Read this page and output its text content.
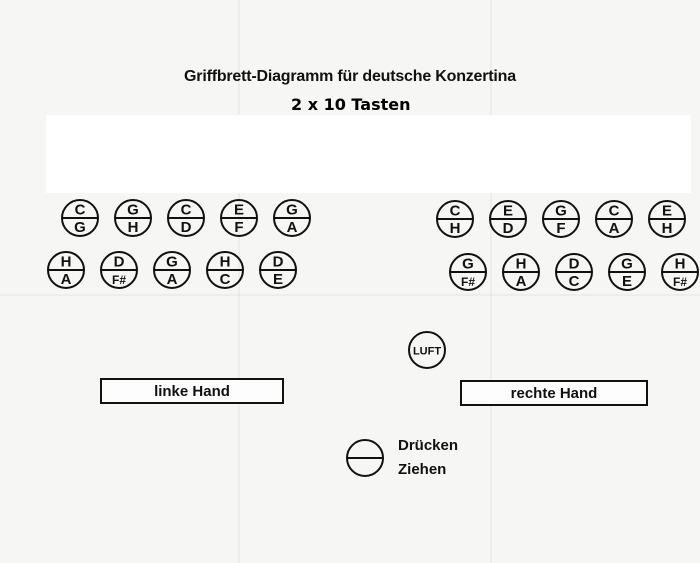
Griffbrett-Diagramm für deutsche Konzertina
2 x 10 Tasten
C
G
G
H
C
D
E
F
G
A
H
A
D
F#
G
A
H
C
D
E
C
H
E
D
G
F
C
A
E
H
G
F#
H
A
D
C
G
E
H
F#
LUFT
linke Hand	rechte Hand
Drücken
Ziehen
